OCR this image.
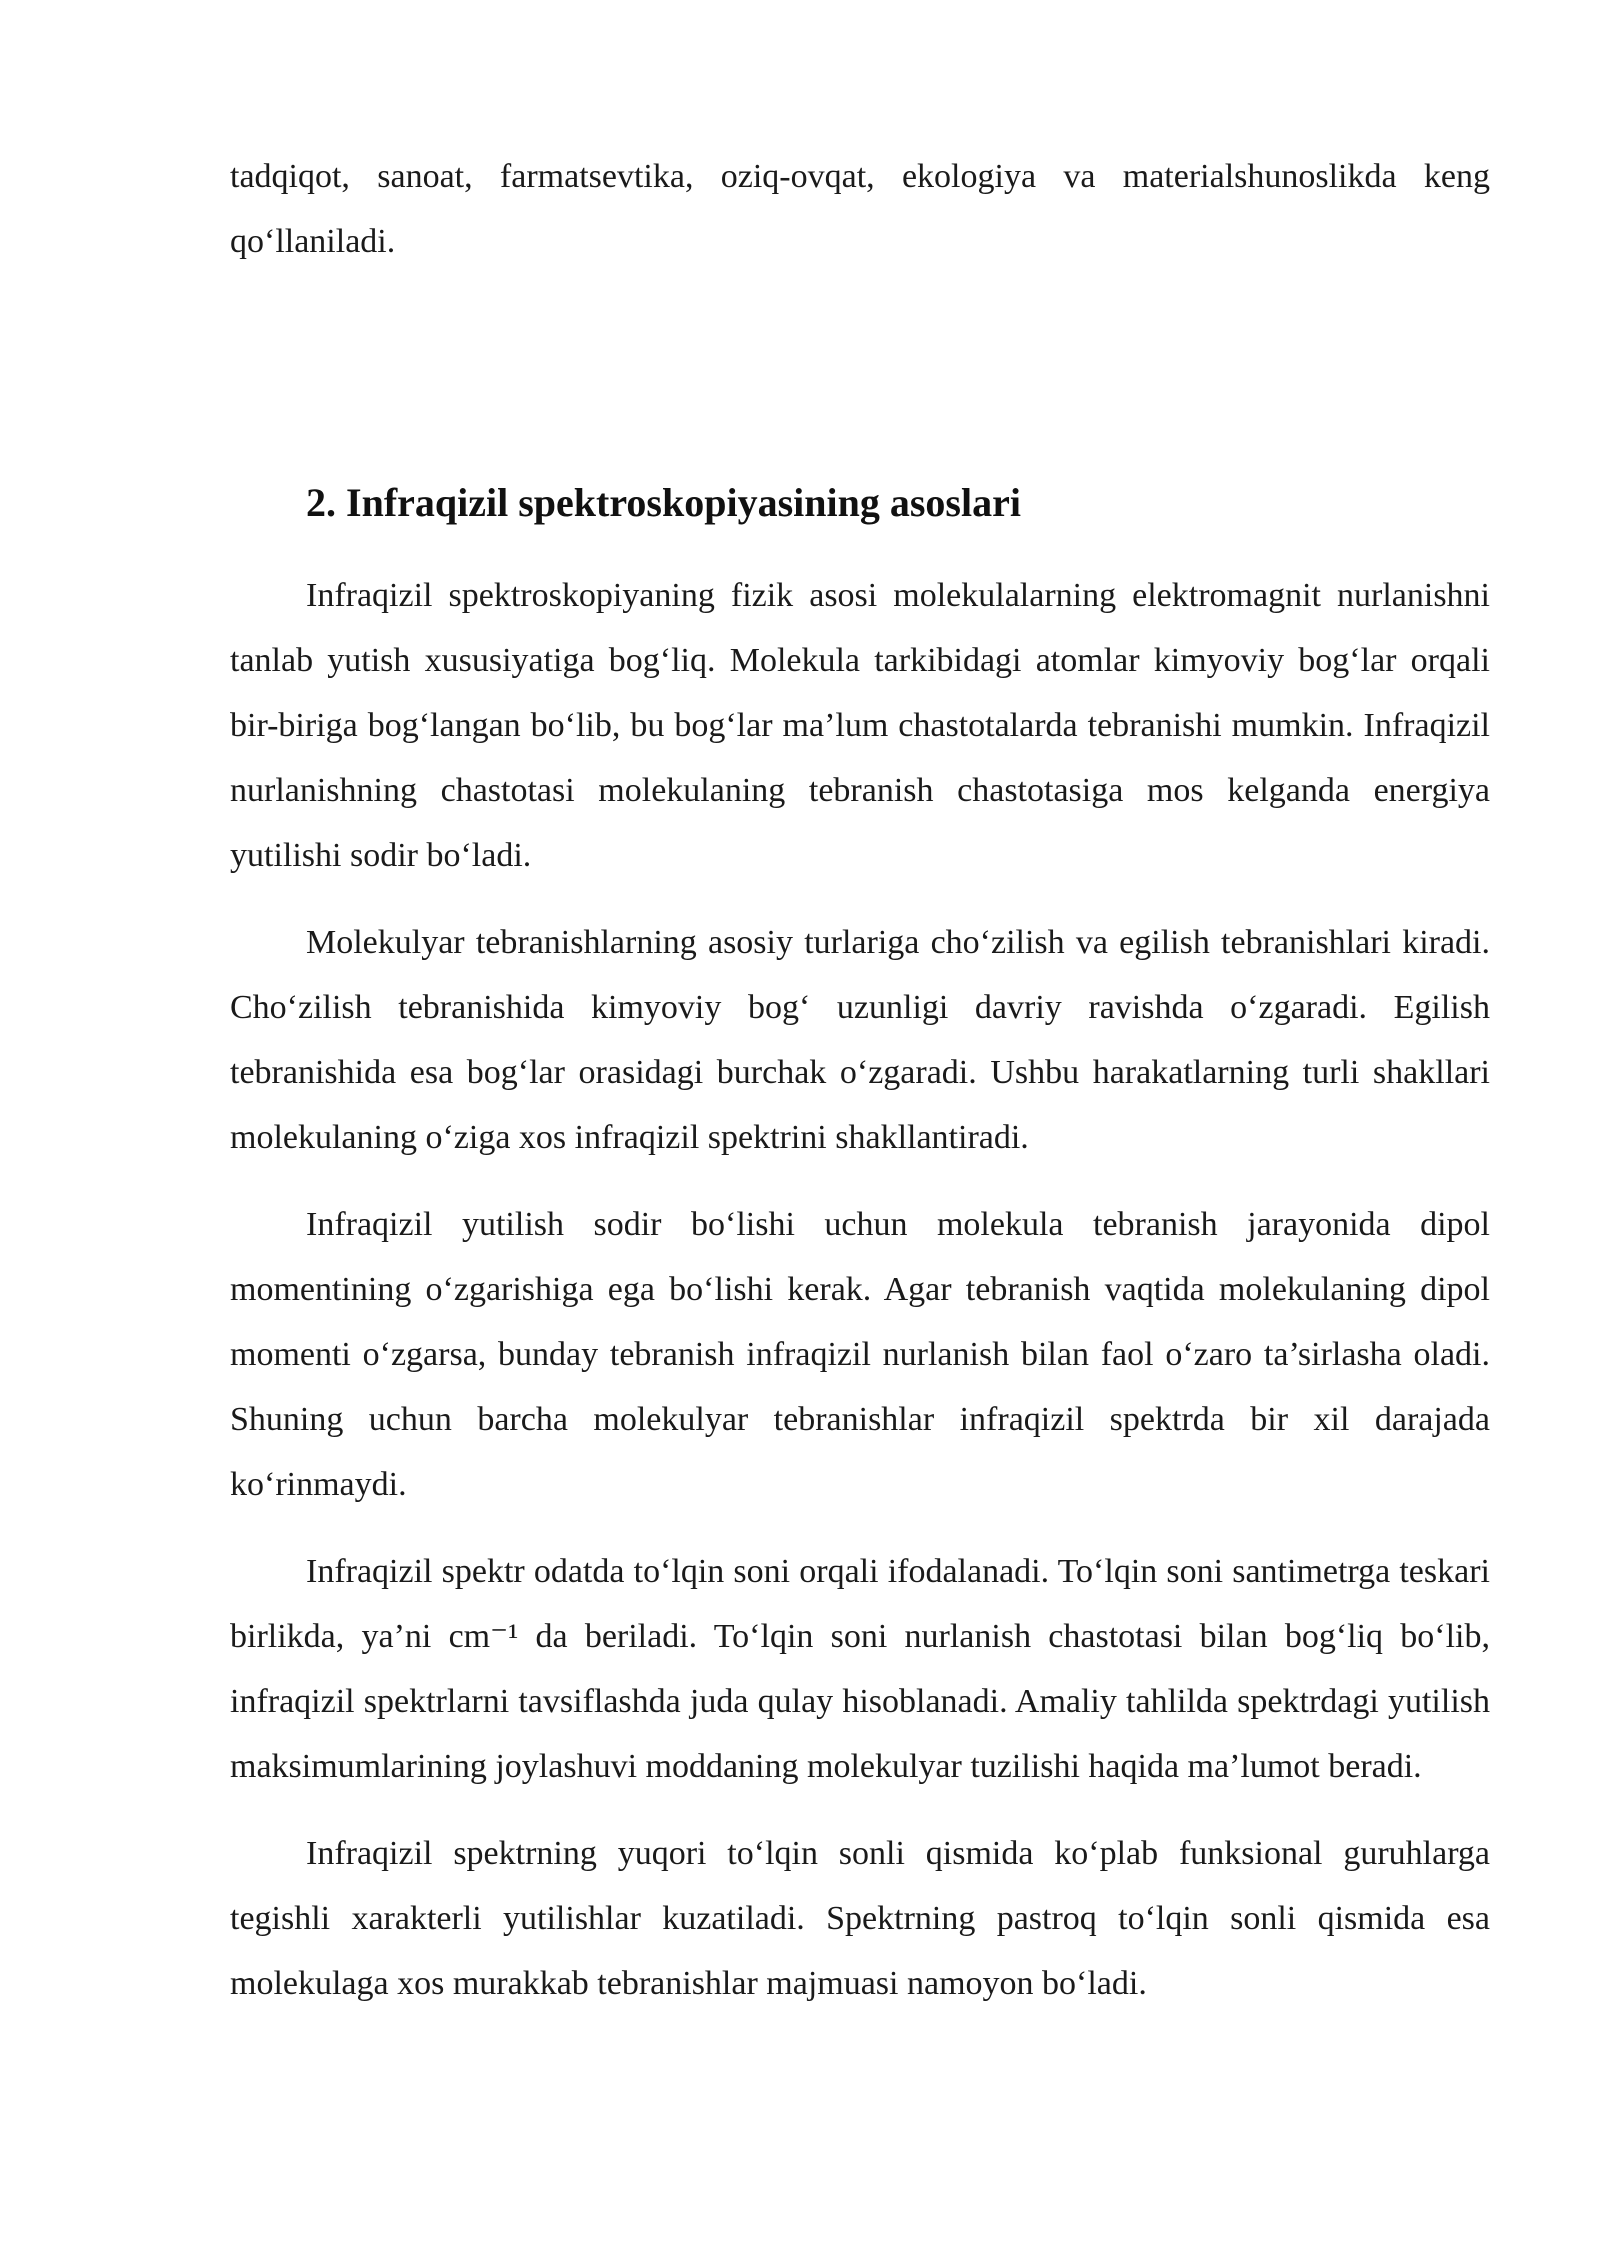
tadqiqot, sanoat, farmatsevtika, oziq-ovqat, ekologiya va materialshunoslikda keng qo‘llaniladi.

2. Infraqizil spektroskopiyasining asoslari

Infraqizil spektroskopiyaning fizik asosi molekulalarning elektromagnit nurlanishni tanlab yutish xususiyatiga bog‘liq. Molekula tarkibidagi atomlar kimyoviy bog‘lar orqali bir-biriga bog‘langan bo‘lib, bu bog‘lar ma’lum chastotalarda tebranishi mumkin. Infraqizil nurlanishning chastotasi molekulaning tebranish chastotasiga mos kelganda energiya yutilishi sodir bo‘ladi.

Molekulyar tebranishlarning asosiy turlariga cho‘zilish va egilish tebranishlari kiradi. Cho‘zilish tebranishida kimyoviy bog‘ uzunligi davriy ravishda o‘zgaradi. Egilish tebranishida esa bog‘lar orasidagi burchak o‘zgaradi. Ushbu harakatlarning turli shakllari molekulaning o‘ziga xos infraqizil spektrini shakllantiradi.

Infraqizil yutilish sodir bo‘lishi uchun molekula tebranish jarayonida dipol momentining o‘zgarishiga ega bo‘lishi kerak. Agar tebranish vaqtida molekulaning dipol momenti o‘zgarsa, bunday tebranish infraqizil nurlanish bilan faol o‘zaro ta’sirlasha oladi. Shuning uchun barcha molekulyar tebranishlar infraqizil spektrda bir xil darajada ko‘rinmaydi.

Infraqizil spektr odatda to‘lqin soni orqali ifodalanadi. To‘lqin soni santimetrga teskari birlikda, ya’ni cm⁻¹ da beriladi. To‘lqin soni nurlanish chastotasi bilan bog‘liq bo‘lib, infraqizil spektrlarni tavsiflashda juda qulay hisoblanadi. Amaliy tahlilda spektrdagi yutilish maksimumlarining joylashuvi moddaning molekulyar tuzilishi haqida ma’lumot beradi.

Infraqizil spektrning yuqori to‘lqin sonli qismida ko‘plab funksional guruhlarga tegishli xarakterli yutilishlar kuzatiladi. Spektrning pastroq to‘lqin sonli qismida esa molekulaga xos murakkab tebranishlar majmuasi namoyon bo‘ladi.
